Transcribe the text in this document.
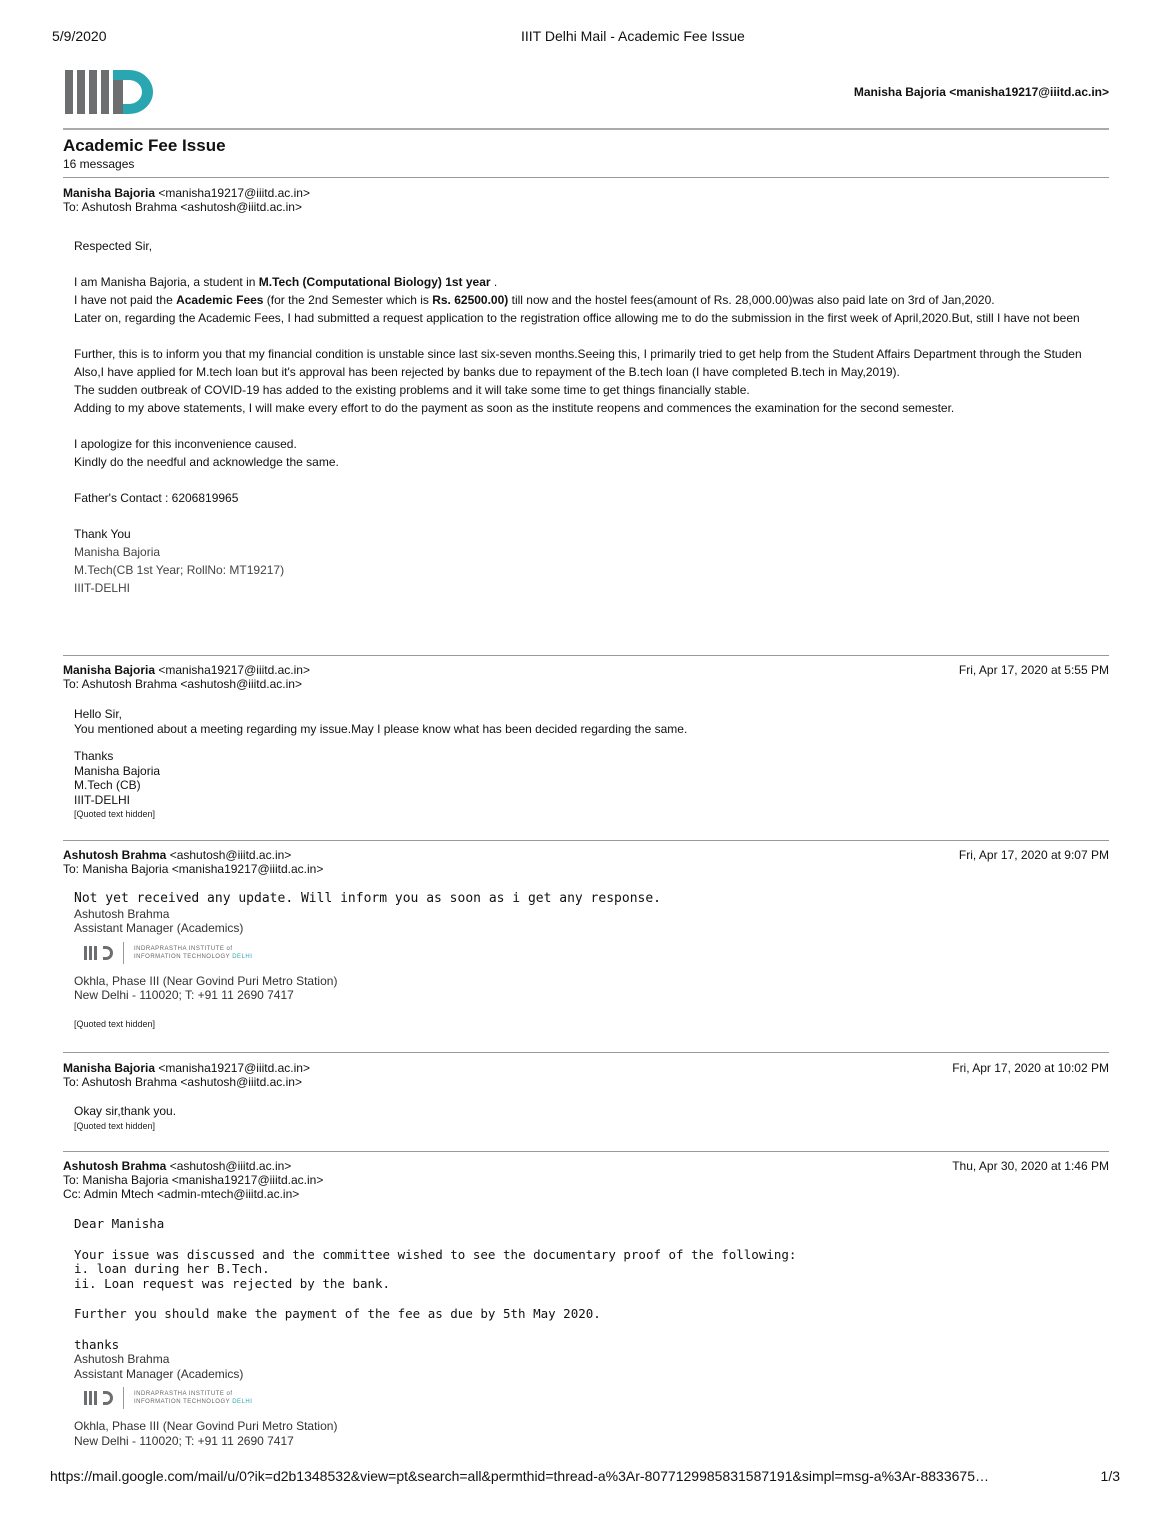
5/9/2020	IIIT Delhi Mail - Academic Fee Issue
Manisha Bajoria <manisha19217@iiitd.ac.in>
Academic Fee Issue
16 messages
Manisha Bajoria <manisha19217@iiitd.ac.in>
To: Ashutosh Brahma <ashutosh@iiitd.ac.in>
Respected Sir,
I am Manisha Bajoria, a student in M.Tech (Computational Biology) 1st year .
I have not paid the Academic Fees (for the 2nd Semester which is Rs. 62500.00) till now and the hostel fees(amount of Rs. 28,000.00)was also paid late on 3rd of Jan,2020.
Later on, regarding the Academic Fees, I had submitted a request application to the registration office allowing me to do the submission in the first week of April,2020.But, still I have not been
Further, this is to inform you that my financial condition is unstable since last six-seven months.Seeing this, I primarily tried to get help from the Student Affairs Department through the Studen
Also,I have applied for M.tech loan but it's approval has been rejected by banks due to repayment of the B.tech loan (I have completed B.tech in May,2019).
The sudden outbreak of COVID-19 has added to the existing problems and it will take some time to get things financially stable.
Adding to my above statements, I will make every effort to do the payment as soon as the institute reopens and commences the examination for the second semester.
I apologize for this inconvenience caused.
Kindly do the needful and acknowledge the same.
Father's Contact : 6206819965
Thank You
Manisha Bajoria
M.Tech(CB 1st Year; RollNo: MT19217)
IIIT-DELHI
Manisha Bajoria <manisha19217@iiitd.ac.in>
To: Ashutosh Brahma <ashutosh@iiitd.ac.in>
Fri, Apr 17, 2020 at 5:55 PM
Hello Sir,
You mentioned about a meeting regarding my issue.May I please know what has been decided regarding the same.
Thanks
Manisha Bajoria
M.Tech (CB)
IIIT-DELHI
[Quoted text hidden]
Ashutosh Brahma <ashutosh@iiitd.ac.in>
To: Manisha Bajoria <manisha19217@iiitd.ac.in>
Fri, Apr 17, 2020 at 9:07 PM
Not yet received any update. Will inform you as soon as i get any response.
Ashutosh Brahma
Assistant Manager (Academics)
INDRAPRASTHA INSTITUTE of
INFORMATION TECHNOLOGY DELHI
Okhla, Phase III (Near Govind Puri Metro Station)
New Delhi - 110020; T: +91 11 2690 7417
[Quoted text hidden]
Manisha Bajoria <manisha19217@iiitd.ac.in>
To: Ashutosh Brahma <ashutosh@iiitd.ac.in>
Fri, Apr 17, 2020 at 10:02 PM
Okay sir,thank you.
[Quoted text hidden]
Ashutosh Brahma <ashutosh@iiitd.ac.in>
To: Manisha Bajoria <manisha19217@iiitd.ac.in>
Cc: Admin Mtech <admin-mtech@iiitd.ac.in>
Thu, Apr 30, 2020 at 1:46 PM
Dear Manisha
Your issue was discussed and the committee wished to see the documentary proof of the following:
i. loan during her B.Tech.
ii. Loan request was rejected by the bank.
Further you should make the payment of the fee as due by 5th May 2020.
thanks
Ashutosh Brahma
Assistant Manager (Academics)
INDRAPRASTHA INSTITUTE of
INFORMATION TECHNOLOGY DELHI
Okhla, Phase III (Near Govind Puri Metro Station)
New Delhi - 110020; T: +91 11 2690 7417
https://mail.google.com/mail/u/0?ik=d2b1348532&view=pt&search=all&permthid=thread-a%3Ar-8077129985831587191&simpl=msg-a%3Ar-8833675…	1/3
